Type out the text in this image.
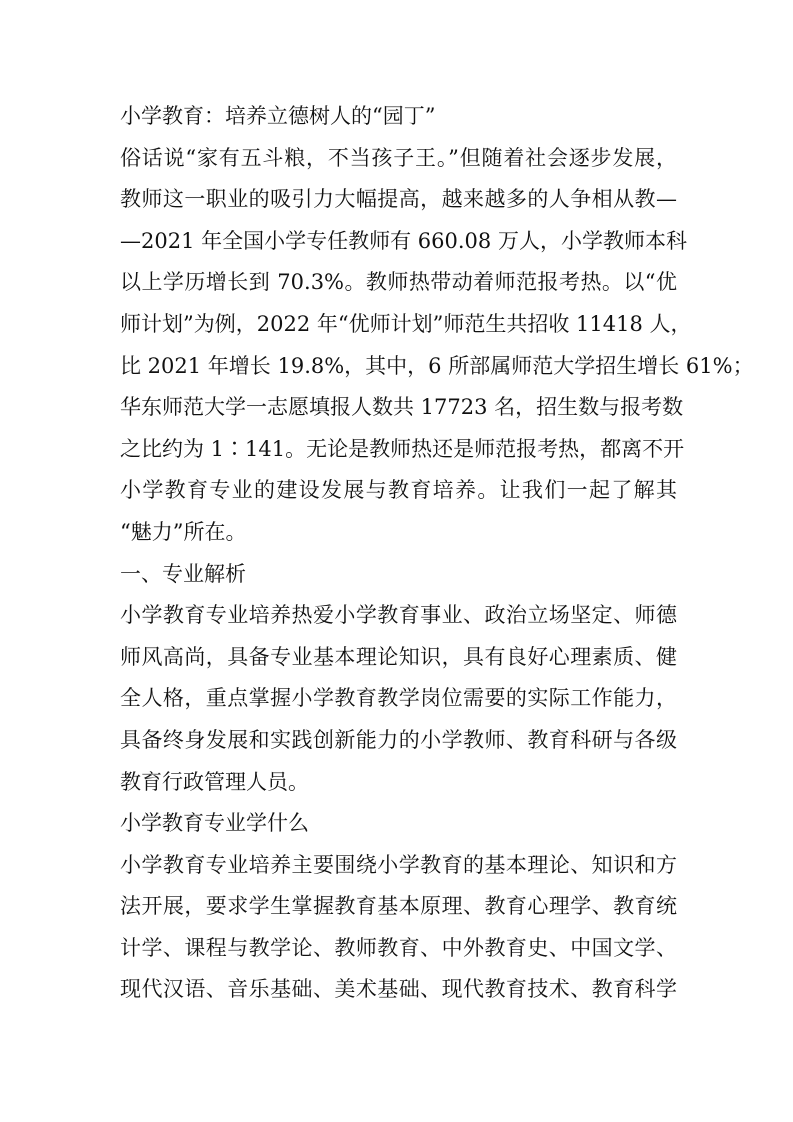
小学教育：培养立德树人的“园丁”
俗话说“家有五斗粮，不当孩子王。”但随着社会逐步发展，
教师这一职业的吸引力大幅提高，越来越多的人争相从教—
—2021 年全国小学专任教师有 660.08 万人，小学教师本科
以上学历增长到 70.3%。教师热带动着师范报考热。以“优
师计划”为例，2022 年“优师计划”师范生共招收 11418 人，
比 2021 年增长 19.8%，其中，6 所部属师范大学招生增长 61%；
华东师范大学一志愿填报人数共 17723 名，招生数与报考数
之比约为 1∶141。无论是教师热还是师范报考热，都离不开
小学教育专业的建设发展与教育培养。让我们一起了解其
“魅力”所在。
一、专业解析
小学教育专业培养热爱小学教育事业、政治立场坚定、师德
师风高尚，具备专业基本理论知识，具有良好心理素质、健
全人格，重点掌握小学教育教学岗位需要的实际工作能力，
具备终身发展和实践创新能力的小学教师、教育科研与各级
教育行政管理人员。
小学教育专业学什么
小学教育专业培养主要围绕小学教育的基本理论、知识和方
法开展，要求学生掌握教育基本原理、教育心理学、教育统
计学、课程与教学论、教师教育、中外教育史、中国文学、
现代汉语、音乐基础、美术基础、现代教育技术、教育科学
